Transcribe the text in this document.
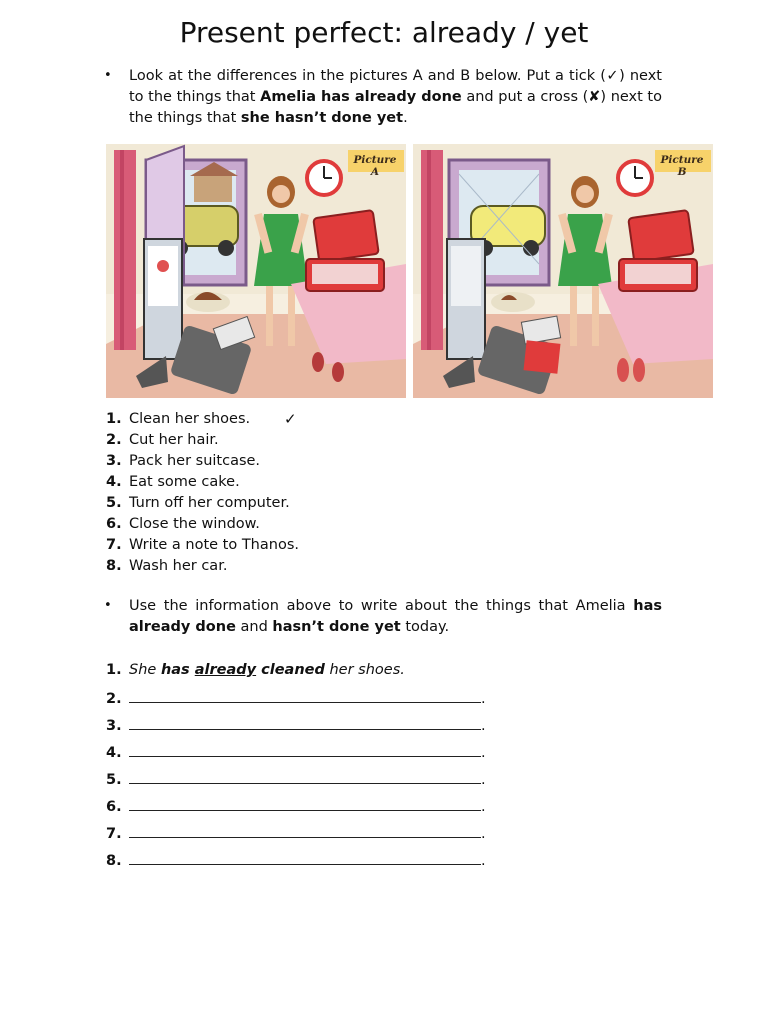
Present perfect: already / yet
• Look at the differences in the pictures A and B below. Put a tick (✓) next to the things that Amelia has already done and put a cross (✘) next to the things that she hasn’t done yet.
Picture A
Picture B
1. Clean her shoes. ✓
2. Cut her hair.
3. Pack her suitcase.
4. Eat some cake.
5. Turn off her computer.
6. Close the window.
7. Write a note to Thanos.
8. Wash her car.
• Use the information above to write about the things that Amelia has already done and hasn’t done yet today.
1. She has already cleaned her shoes.
2.	.
3.	.
4.	.
5.	.
6.	.
7.	.
8.	.
